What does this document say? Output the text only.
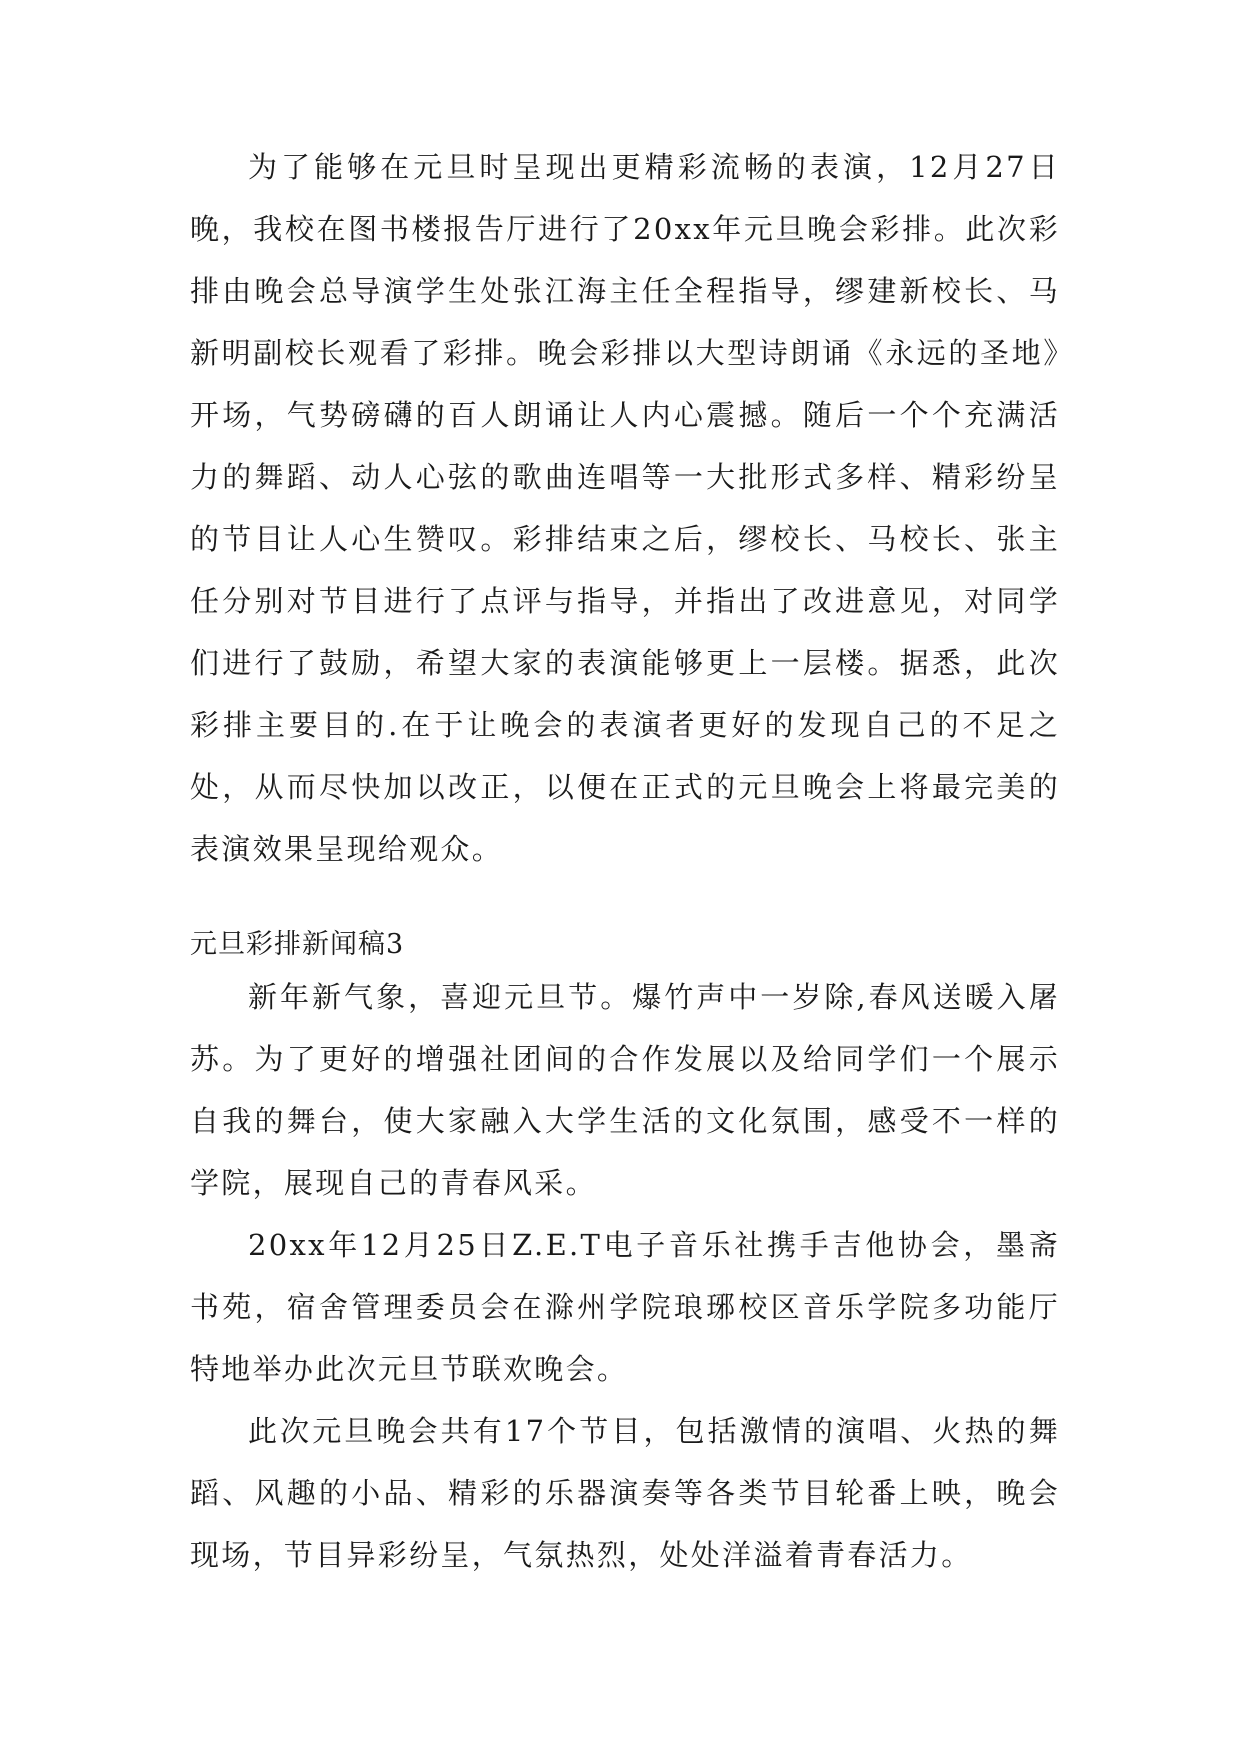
为了能够在元旦时呈现出更精彩流畅的表演，12月27日晚，我校在图书楼报告厅进行了20xx年元旦晚会彩排。此次彩排由晚会总导演学生处张江海主任全程指导，缪建新校长、马新明副校长观看了彩排。晚会彩排以大型诗朗诵《永远的圣地》开场，气势磅礴的百人朗诵让人内心震撼。随后一个个充满活力的舞蹈、动人心弦的歌曲连唱等一大批形式多样、精彩纷呈的节目让人心生赞叹。彩排结束之后，缪校长、马校长、张主任分别对节目进行了点评与指导，并指出了改进意见，对同学们进行了鼓励，希望大家的表演能够更上一层楼。据悉，此次彩排主要目的.在于让晚会的表演者更好的发现自己的不足之处，从而尽快加以改正，以便在正式的元旦晚会上将最完美的表演效果呈现给观众。

元旦彩排新闻稿3

新年新气象，喜迎元旦节。爆竹声中一岁除,春风送暖入屠苏。为了更好的增强社团间的合作发展以及给同学们一个展示自我的舞台，使大家融入大学生活的文化氛围，感受不一样的学院，展现自己的青春风采。

20xx年12月25日Z.E.T电子音乐社携手吉他协会，墨斋书苑，宿舍管理委员会在滁州学院琅琊校区音乐学院多功能厅特地举办此次元旦节联欢晚会。

此次元旦晚会共有17个节目，包括激情的演唱、火热的舞蹈、风趣的小品、精彩的乐器演奏等各类节目轮番上映，晚会现场，节目异彩纷呈，气氛热烈，处处洋溢着青春活力。
